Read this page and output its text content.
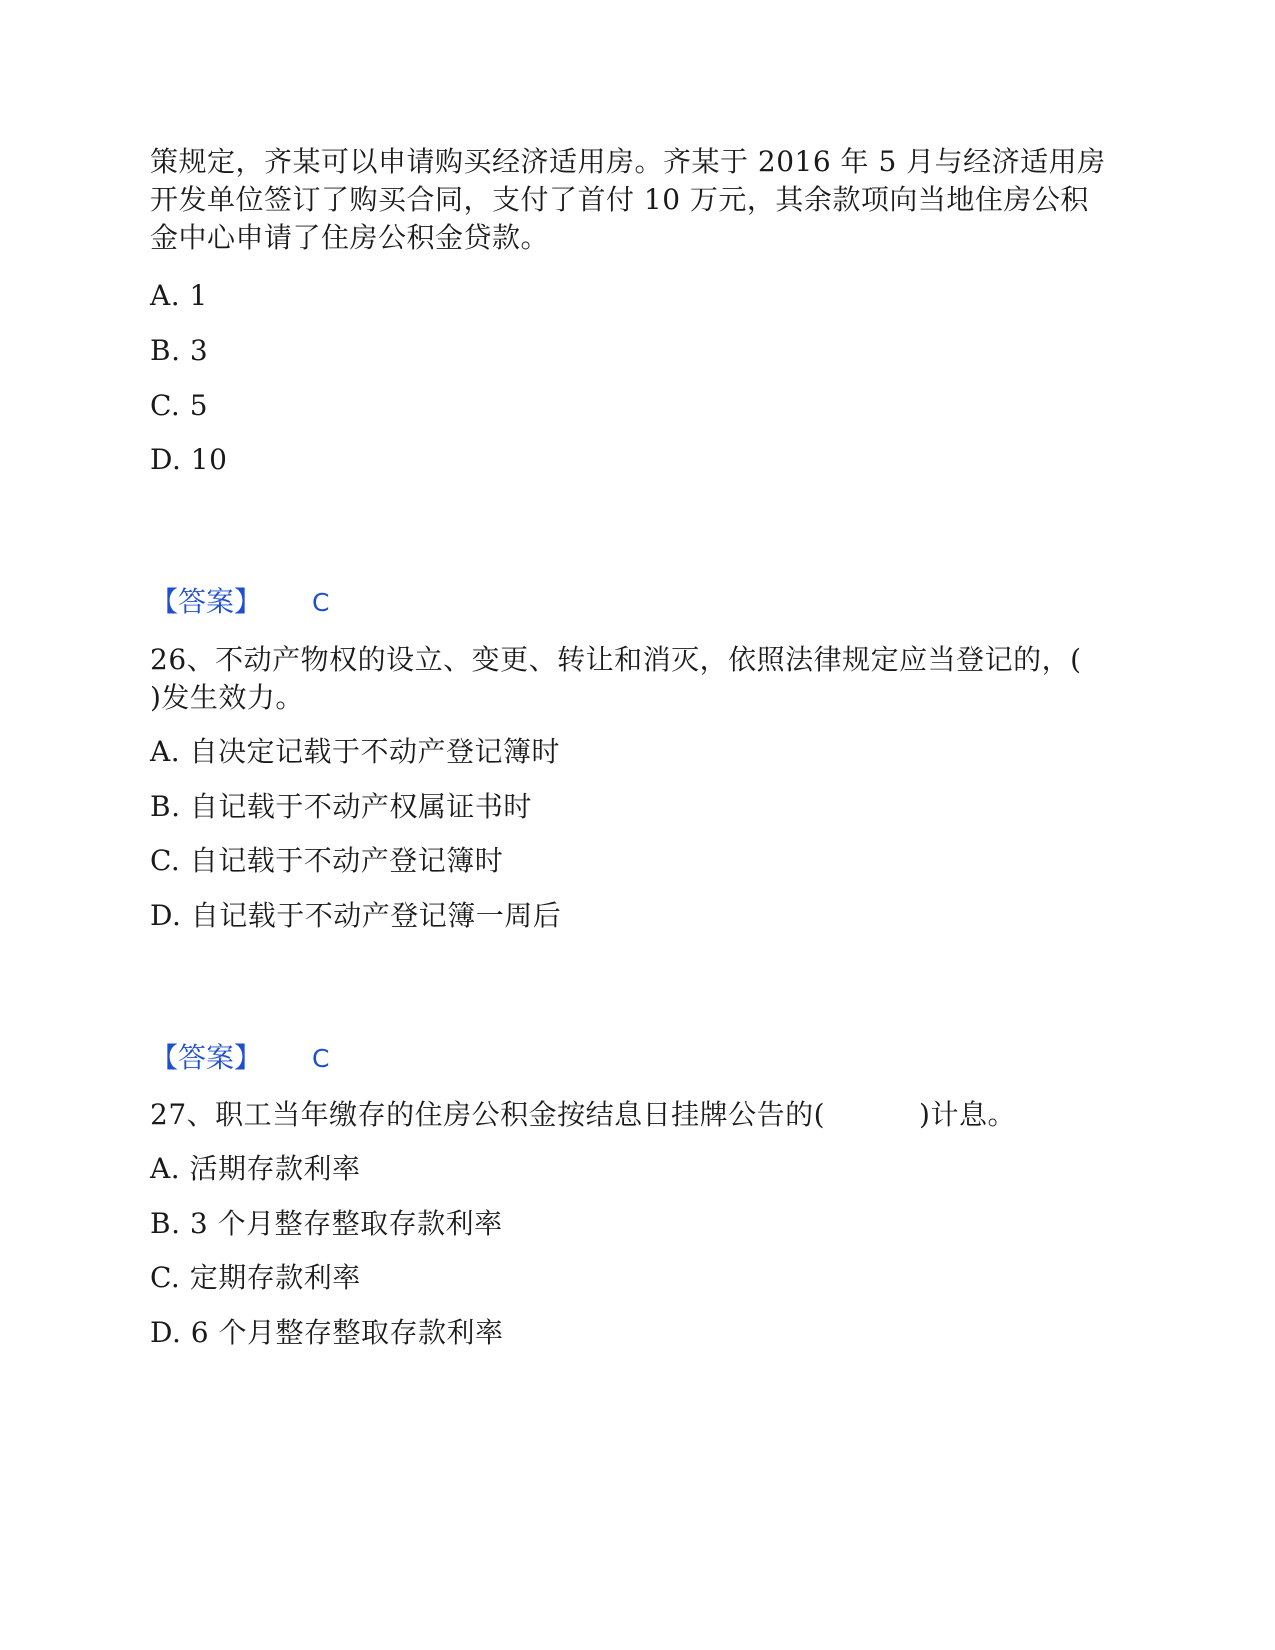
策规定，齐某可以申请购买经济适用房。齐某于 2016 年 5 月与经济适用房
开发单位签订了购买合同，支付了首付 10 万元，其余款项向当地住房公积
金中心申请了住房公积金贷款。
A. 1
B. 3
C. 5
D. 10
【答案】 C
26、不动产物权的设立、变更、转让和消灭，依照法律规定应当登记的，(
)发生效力。
A. 自决定记载于不动产登记簿时
B. 自记载于不动产权属证书时
C. 自记载于不动产登记簿时
D. 自记载于不动产登记簿一周后
【答案】 C
27、职工当年缴存的住房公积金按结息日挂牌公告的(          )计息。
A. 活期存款利率
B. 3 个月整存整取存款利率
C. 定期存款利率
D. 6 个月整存整取存款利率
